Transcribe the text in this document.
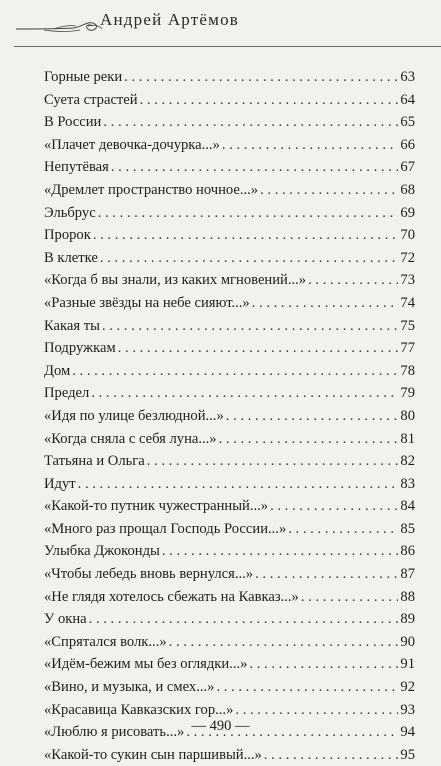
Андрей Артёмов
Горные реки . . .	63
Суета страстей . . .	64
В России . . .	65
«Плачет девочка-дочурка...» . . .	66
Непутёвая . . .	67
«Дремлет пространство ночное...» . . .	68
Эльбрус . . .	69
Пророк . . .	70
В клетке . . .	72
«Когда б вы знали, из каких мгновений...» . . .	73
«Разные звёзды на небе сияют...» . . .	74
Какая ты . . .	75
Подружкам . . .	77
Дом . . .	78
Предел . . .	79
«Идя по улице безлюдной...» . . .	80
«Когда сняла с себя луна...» . . .	81
Татьяна и Ольга . . .	82
Идут . . .	83
«Какой-то путник чужестранный...» . . .	84
«Много раз прощал Господь России...» . . .	85
Улыбка Джоконды . . .	86
«Чтобы лебедь вновь вернулся...» . . .	87
«Не глядя хотелось сбежать на Кавказ...» . . .	88
У окна . . .	89
«Спрятался волк...» . . .	90
«Идём-бежим мы без оглядки...» . . .	91
«Вино, и музыка, и смех...» . . .	92
«Красавица Кавказских гор...» . . .	93
«Люблю я рисовать...» . . .	94
«Какой-то сукин сын паршивый...» . . .	95
— 490 —
